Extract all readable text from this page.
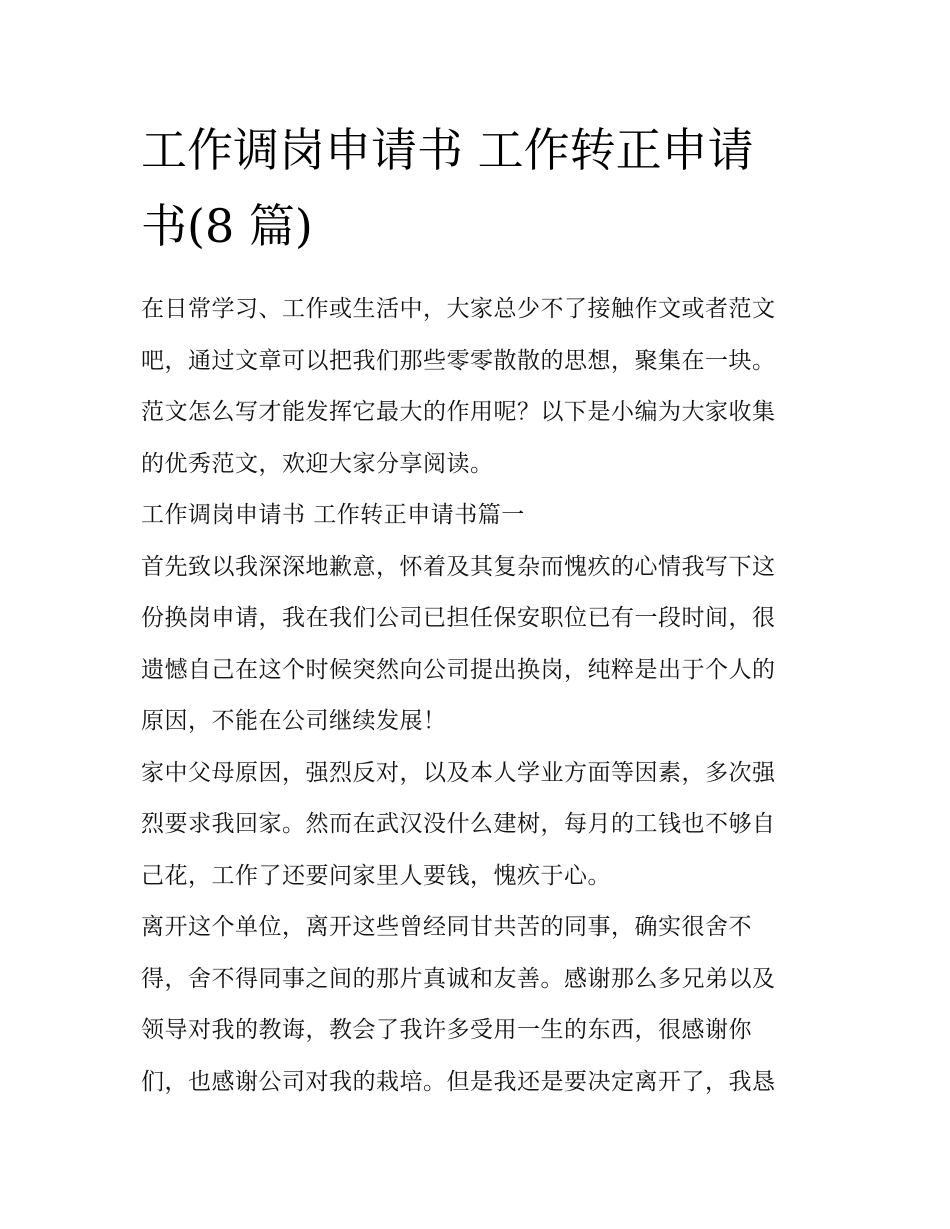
工作调岗申请书 工作转正申请
书(8 篇)

在日常学习、工作或生活中，大家总少不了接触作文或者范文
吧，通过文章可以把我们那些零零散散的思想，聚集在一块。
范文怎么写才能发挥它最大的作用呢？以下是小编为大家收集
的优秀范文，欢迎大家分享阅读。

工作调岗申请书 工作转正申请书篇一

首先致以我深深地歉意，怀着及其复杂而愧疚的心情我写下这
份换岗申请，我在我们公司已担任保安职位已有一段时间，很
遗憾自己在这个时候突然向公司提出换岗，纯粹是出于个人的
原因，不能在公司继续发展！

家中父母原因，强烈反对，以及本人学业方面等因素，多次强
烈要求我回家。然而在武汉没什么建树，每月的工钱也不够自
己花，工作了还要问家里人要钱，愧疚于心。

离开这个单位，离开这些曾经同甘共苦的同事，确实很舍不
得，舍不得同事之间的那片真诚和友善。感谢那么多兄弟以及
领导对我的教诲，教会了我许多受用一生的东西，很感谢你
们，也感谢公司对我的栽培。但是我还是要决定离开了，我恳
